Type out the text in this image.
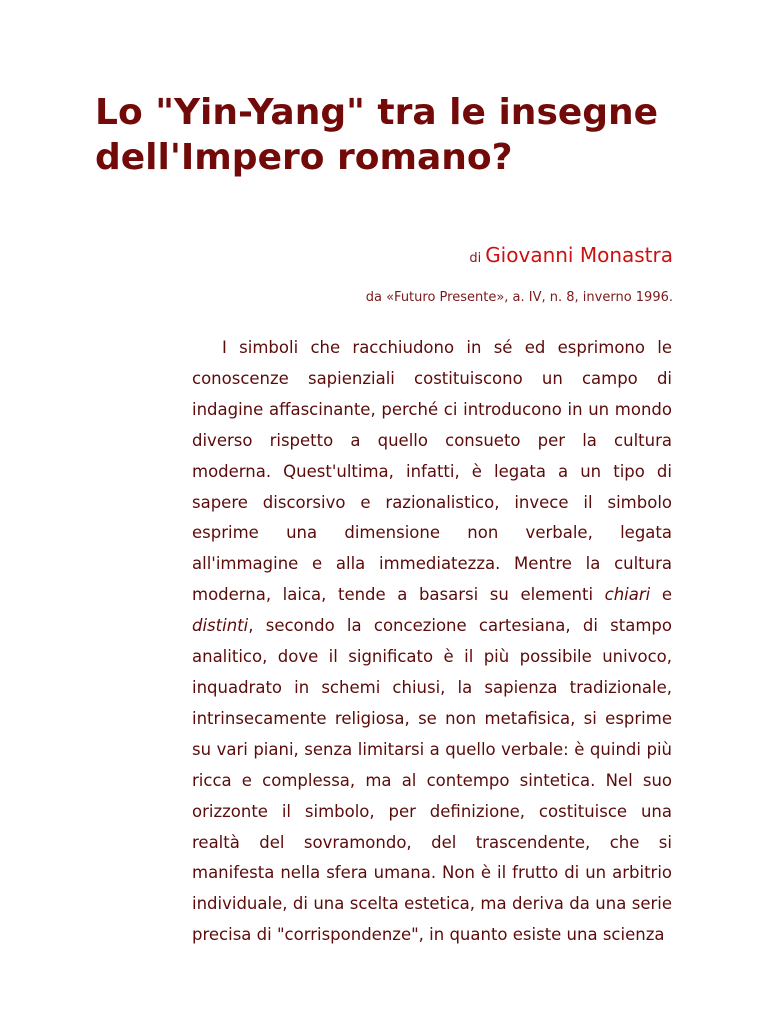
Lo "Yin-Yang" tra le insegne dell'Impero romano?

di Giovanni Monastra

da «Futuro Presente», a. IV, n. 8, inverno 1996.

I simboli che racchiudono in sé ed esprimono le conoscenze sapienziali costituiscono un campo di indagine affascinante, perché ci introducono in un mondo diverso rispetto a quello consueto per la cultura moderna. Quest'ultima, infatti, è legata a un tipo di sapere discorsivo e razionalistico, invece il simbolo esprime una dimensione non verbale, legata all'immagine e alla immediatezza. Mentre la cultura moderna, laica, tende a basarsi su elementi chiari e distinti, secondo la concezione cartesiana, di stampo analitico, dove il significato è il più possibile univoco, inquadrato in schemi chiusi, la sapienza tradizionale, intrinsecamente religiosa, se non metafisica, si esprime su vari piani, senza limitarsi a quello verbale: è quindi più ricca e complessa, ma al contempo sintetica. Nel suo orizzonte il simbolo, per definizione, costituisce una realtà del sovramondo, del trascendente, che si manifesta nella sfera umana. Non è il frutto di un arbitrio individuale, di una scelta estetica, ma deriva da una serie precisa di "corrispondenze", in quanto esiste una scienza
